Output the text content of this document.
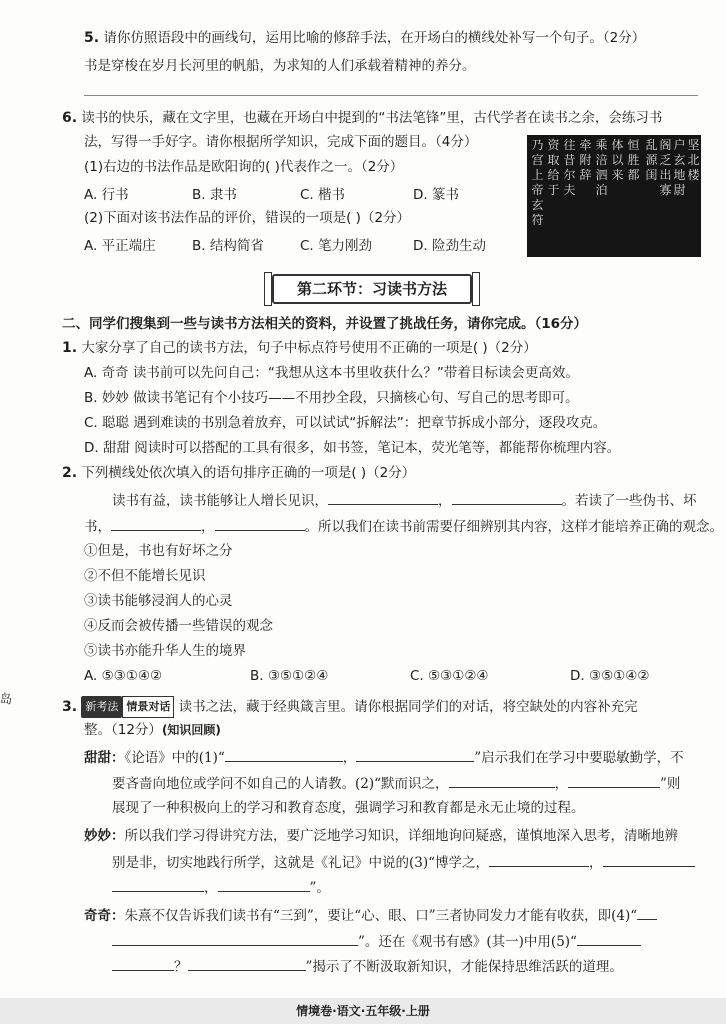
5. 请你仿照语段中的画线句，运用比喻的修辞手法，在开场白的横线处补写一个句子。（2分）
书是穿梭在岁月长河里的帆船，为求知的人们承载着精神的养分。
6. 读书的快乐，藏在文字里，也藏在开场白中提到的“书法笔锋”里，古代学者在读书之余，会练习书
法，写得一手好字。请你根据所学知识，完成下面的题目。（4分）
(1)右边的书法作品是欧阳询的( )代表作之一。（2分）
A. 行书	B. 隶书	C. 楷书	D. 篆书
(2)下面对该书法作品的评价，错误的一项是( )（2分）
A. 平正端庄	B. 结构简省	C. 笔力刚劲	D. 险劲生动
乃宫上帝玄符
资取给于
往昔尔夫
牵附辞
乘涪泗泊
体以来
恒胜都
乱源闺
阁乏出寡
户玄地尉
坚北楼
第二环节：习读书方法
二、同学们搜集到一些与读书方法相关的资料，并设置了挑战任务，请你完成。（16分）
1. 大家分享了自己的读书方法，句子中标点符号使用不正确的一项是( )（2分）
A. 奇奇 读书前可以先问自己：“我想从这本书里收获什么？”带着目标读会更高效。
B. 妙妙 做读书笔记有个小技巧——不用抄全段，只摘核心句、写自己的思考即可。
C. 聪聪 遇到难读的书别急着放弃，可以试试“拆解法”：把章节拆成小部分，逐段攻克。
D. 甜甜 阅读时可以搭配的工具有很多，如书签，笔记本，荧光笔等，都能帮你梳理内容。
2. 下列横线处依次填入的语句排序正确的一项是( )（2分）
读书有益，读书能够让人增长见识，	，	。若读了一些伪书、坏
书，	，	。所以我们在读书前需要仔细辨别其内容，这样才能培养正确的观念。
①但是，书也有好坏之分
②不但不能增长见识
③读书能够浸润人的心灵
④反而会被传播一些错误的观念
⑤读书亦能升华人生的境界
A. ⑤③①④②	B. ③⑤①②④	C. ⑤③①②④	D. ③⑤①④②
3. 新考法 情景对话 读书之法，藏于经典箴言里。请你根据同学们的对话，将空缺处的内容补充完
整。（12分）(知识回顾)
甜甜：《论语》中的(1)“	，	”启示我们在学习中要聪敏勤学，不
要吝啬向地位或学问不如自己的人请教。(2)“默而识之，	，	”则
展现了一种积极向上的学习和教育态度，强调学习和教育都是永无止境的过程。
妙妙：所以我们学习得讲究方法，要广泛地学习知识，详细地询问疑惑，谨慎地深入思考，清晰地辨
别是非，切实地践行所学，这就是《礼记》中说的(3)“博学之，	，
，	”。
奇奇：朱熹不仅告诉我们读书有“三到”，要让“心、眼、口”三者协同发力才能有收获，即(4)“
”。还在《观书有感》(其一)中用(5)“
？	”揭示了不断汲取新知识，才能保持思维活跃的道理。
岛
情境卷·语文·五年级·上册
